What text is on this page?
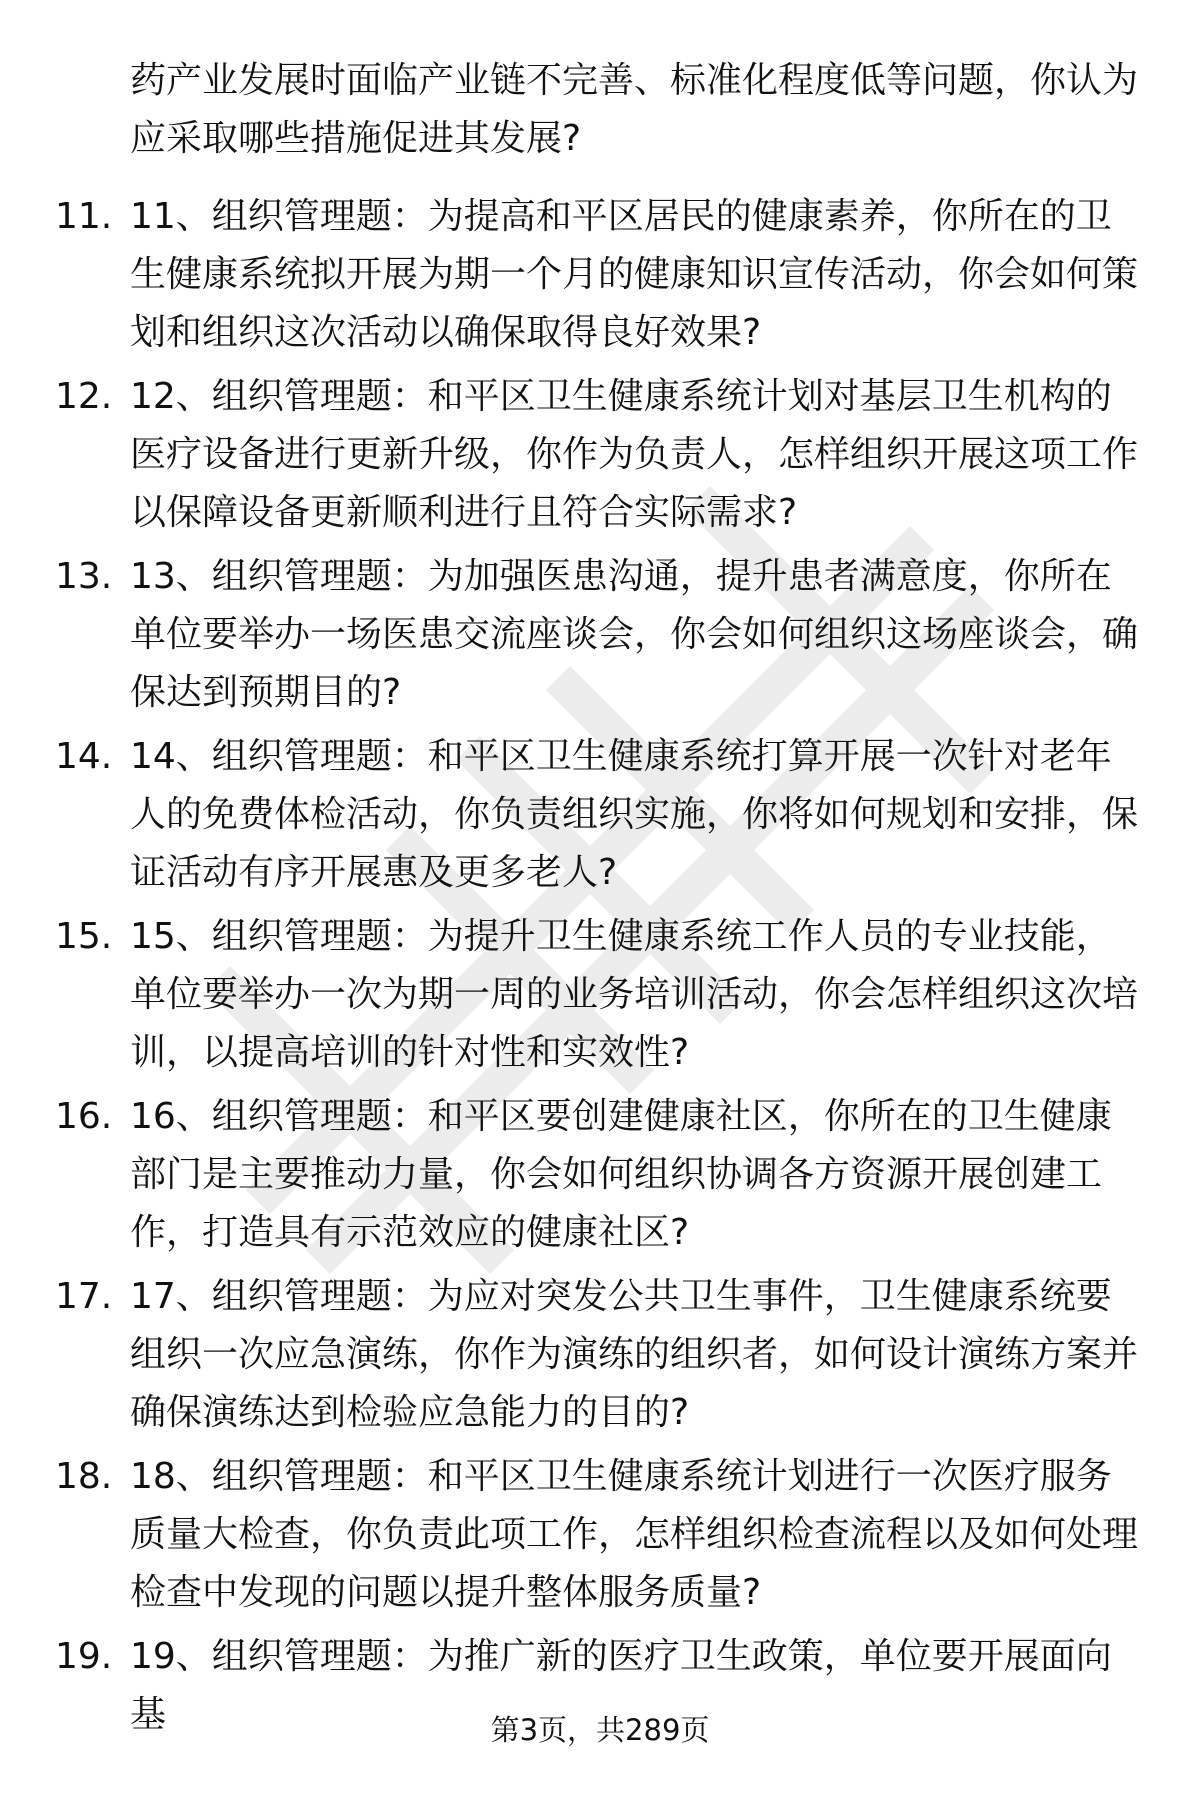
药产业发展时面临产业链不完善、标准化程度低等问题，你认为应采取哪些措施促进其发展?
11. 11、组织管理题：为提高和平区居民的健康素养，你所在的卫生健康系统拟开展为期一个月的健康知识宣传活动，你会如何策划和组织这次活动以确保取得良好效果?
12. 12、组织管理题：和平区卫生健康系统计划对基层卫生机构的医疗设备进行更新升级，你作为负责人，怎样组织开展这项工作以保障设备更新顺利进行且符合实际需求?
13. 13、组织管理题：为加强医患沟通，提升患者满意度，你所在单位要举办一场医患交流座谈会，你会如何组织这场座谈会，确保达到预期目的?
14. 14、组织管理题：和平区卫生健康系统打算开展一次针对老年人的免费体检活动，你负责组织实施，你将如何规划和安排，保证活动有序开展惠及更多老人?
15. 15、组织管理题：为提升卫生健康系统工作人员的专业技能，单位要举办一次为期一周的业务培训活动，你会怎样组织这次培训，以提高培训的针对性和实效性?
16. 16、组织管理题：和平区要创建健康社区，你所在的卫生健康部门是主要推动力量，你会如何组织协调各方资源开展创建工作，打造具有示范效应的健康社区?
17. 17、组织管理题：为应对突发公共卫生事件，卫生健康系统要组织一次应急演练，你作为演练的组织者，如何设计演练方案并确保演练达到检验应急能力的目的?
18. 18、组织管理题：和平区卫生健康系统计划进行一次医疗服务质量大检查，你负责此项工作，怎样组织检查流程以及如何处理检查中发现的问题以提升整体服务质量?
19. 19、组织管理题：为推广新的医疗卫生政策，单位要开展面向基	第3页，共289页
